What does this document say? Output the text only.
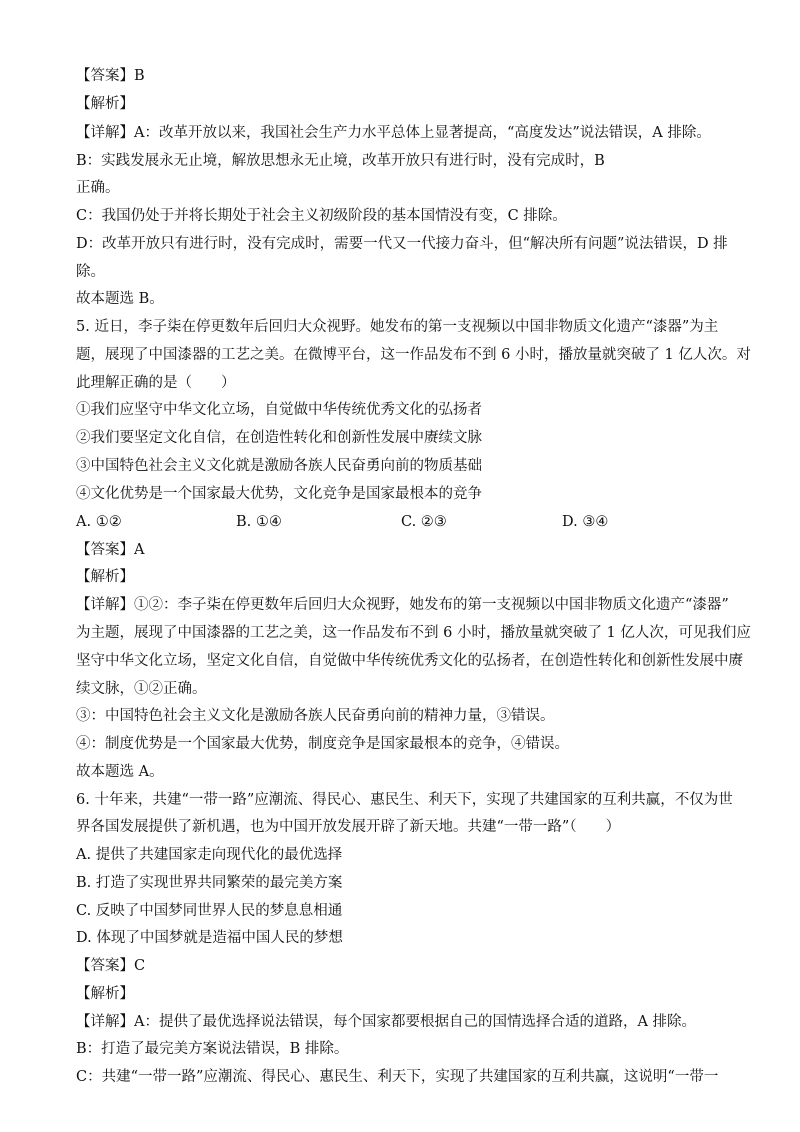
【答案】B
【解析】
【详解】A：改革开放以来，我国社会生产力水平总体上显著提高，“高度发达”说法错误，A 排除。
B：实践发展永无止境，解放思想永无止境，改革开放只有进行时，没有完成时，B
正确。
C：我国仍处于并将长期处于社会主义初级阶段的基本国情没有变，C 排除。
D：改革开放只有进行时，没有完成时，需要一代又一代接力奋斗，但“解决所有问题”说法错误，D 排
除。
故本题选 B。
5. 近日，李子柒在停更数年后回归大众视野。她发布的第一支视频以中国非物质文化遗产“漆器”为主
题，展现了中国漆器的工艺之美。在微博平台，这一作品发布不到 6 小时，播放量就突破了 1 亿人次。对
此理解正确的是（　　）
①我们应坚守中华文化立场，自觉做中华传统优秀文化的弘扬者
②我们要坚定文化自信，在创造性转化和创新性发展中赓续文脉
③中国特色社会主义文化就是激励各族人民奋勇向前的物质基础
④文化优势是一个国家最大优势，文化竞争是国家最根本的竞争
A. ①②	B. ①④	C. ②③	D. ③④
【答案】A
【解析】
【详解】①②：李子柒在停更数年后回归大众视野，她发布的第一支视频以中国非物质文化遗产“漆器”
为主题，展现了中国漆器的工艺之美，这一作品发布不到 6 小时，播放量就突破了 1 亿人次，可见我们应
坚守中华文化立场，坚定文化自信，自觉做中华传统优秀文化的弘扬者，在创造性转化和创新性发展中赓
续文脉，①②正确。
③：中国特色社会主义文化是激励各族人民奋勇向前的精神力量，③错误。
④：制度优势是一个国家最大优势，制度竞争是国家最根本的竞争，④错误。
故本题选 A。
6. 十年来，共建“一带一路”应潮流、得民心、惠民生、利天下，实现了共建国家的互利共赢，不仅为世
界各国发展提供了新机遇，也为中国开放发展开辟了新天地。共建“一带一路”（　　）
A. 提供了共建国家走向现代化的最优选择
B. 打造了实现世界共同繁荣的最完美方案
C. 反映了中国梦同世界人民的梦息息相通
D. 体现了中国梦就是造福中国人民的梦想
【答案】C
【解析】
【详解】A：提供了最优选择说法错误，每个国家都要根据自己的国情选择合适的道路，A 排除。
B：打造了最完美方案说法错误，B 排除。
C：共建“一带一路”应潮流、得民心、惠民生、利天下，实现了共建国家的互利共赢，这说明“一带一
